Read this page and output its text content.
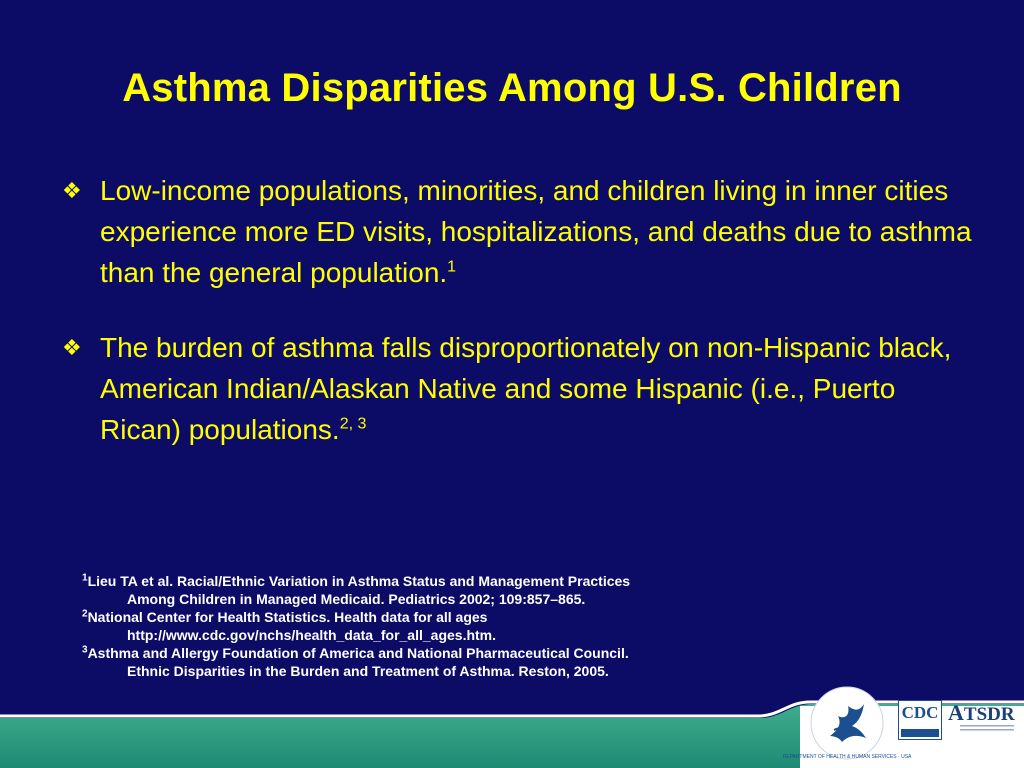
Asthma Disparities Among U.S. Children
❖ Low-income populations, minorities, and children living in inner cities experience more ED visits, hospitalizations, and deaths due to asthma than the general population.$^1$
❖ The burden of asthma falls disproportionately on non-Hispanic black, American Indian/Alaskan Native and some Hispanic (i.e., Puerto Rican) populations.$^{2, 3}$
$^1$Lieu TA et al. Racial/Ethnic Variation in Asthma Status and Management Practices
Among Children in Managed Medicaid. Pediatrics 2002; 109:857–865.
$^2$National Center for Health Statistics. Health data for all ages
http://www.cdc.gov/nchs/health_data_for_all_ages.htm.
$^3$Asthma and Allergy Foundation of America and National Pharmaceutical Council.
Ethnic Disparities in the Burden and Treatment of Asthma. Reston, 2005.
DEPARTMENT OF HEALTH & HUMAN SERVICES · USA
CDC ATSDR
